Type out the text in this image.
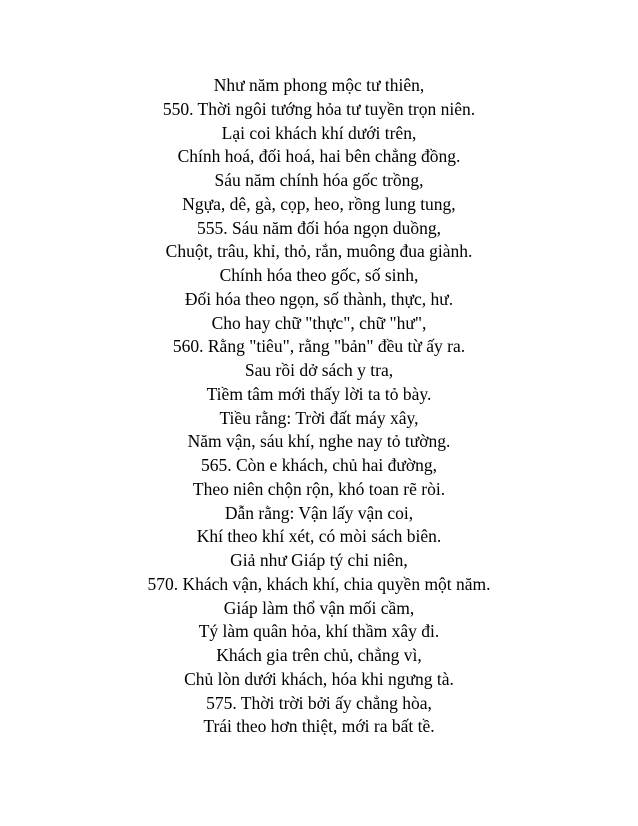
Như năm phong mộc tư thiên,
550. Thời ngôi tướng hỏa tư tuyền trọn niên.
Lại coi khách khí dưới trên,
Chính hoá, đối hoá, hai bên chẳng đồng.
Sáu năm chính hóa gốc trồng,
Ngựa, dê, gà, cọp, heo, rồng lung tung,
555. Sáu năm đối hóa ngọn duồng,
Chuột, trâu, khỉ, thỏ, rắn, muông đua giành.
Chính hóa theo gốc, số sinh,
Đối hóa theo ngọn, số thành, thực, hư.
Cho hay chữ "thực", chữ "hư",
560. Rằng "tiêu", rằng "bản" đều từ ấy ra.
Sau rồi dở sách y tra,
Tiềm tâm mới thấy lời ta tỏ bày.
Tiều rằng: Trời đất máy xây,
Năm vận, sáu khí, nghe nay tỏ tường.
565. Còn e khách, chủ hai đường,
Theo niên chộn rộn, khó toan rẽ ròi.
Dẫn rằng: Vận lấy vận coi,
Khí theo khí xét, có mòi sách biên.
Giả như Giáp tý chi niên,
570. Khách vận, khách khí, chia quyền một năm.
Giáp làm thổ vận mối cầm,
Tý làm quân hỏa, khí thầm xây đi.
Khách gia trên chủ, chẳng vì,
Chủ lòn dưới khách, hóa khi ngưng tà.
575. Thời trời bởi ấy chẳng hòa,
Trái theo hơn thiệt, mới ra bất tề.
